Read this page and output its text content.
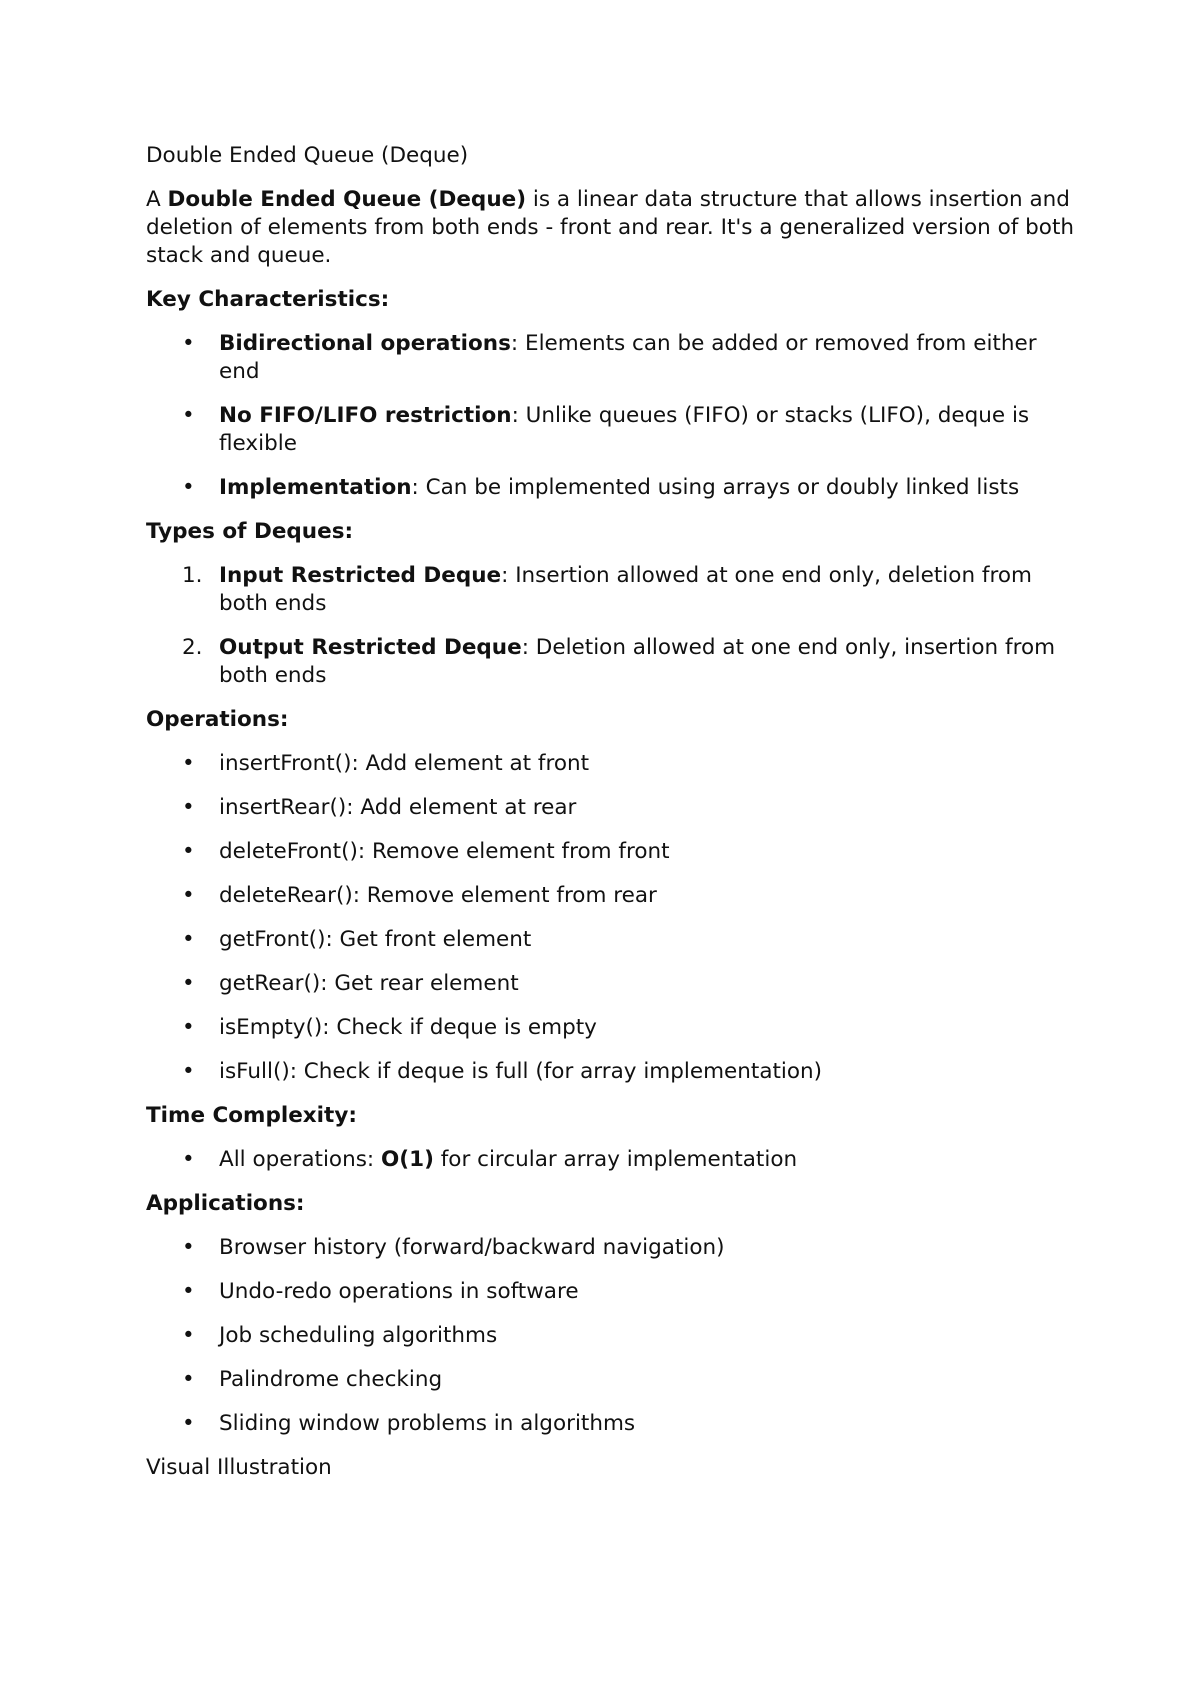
Double Ended Queue (Deque)

A Double Ended Queue (Deque) is a linear data structure that allows insertion and deletion of elements from both ends - front and rear. It's a generalized version of both stack and queue.

Key Characteristics:

•	Bidirectional operations: Elements can be added or removed from either end
•	No FIFO/LIFO restriction: Unlike queues (FIFO) or stacks (LIFO), deque is flexible
•	Implementation: Can be implemented using arrays or doubly linked lists

Types of Deques:

1. Input Restricted Deque: Insertion allowed at one end only, deletion from both ends
2. Output Restricted Deque: Deletion allowed at one end only, insertion from both ends

Operations:

•	insertFront(): Add element at front
•	insertRear(): Add element at rear
•	deleteFront(): Remove element from front
•	deleteRear(): Remove element from rear
•	getFront(): Get front element
•	getRear(): Get rear element
•	isEmpty(): Check if deque is empty
•	isFull(): Check if deque is full (for array implementation)

Time Complexity:

•	All operations: O(1) for circular array implementation

Applications:

•	Browser history (forward/backward navigation)
•	Undo-redo operations in software
•	Job scheduling algorithms
•	Palindrome checking
•	Sliding window problems in algorithms

Visual Illustration
